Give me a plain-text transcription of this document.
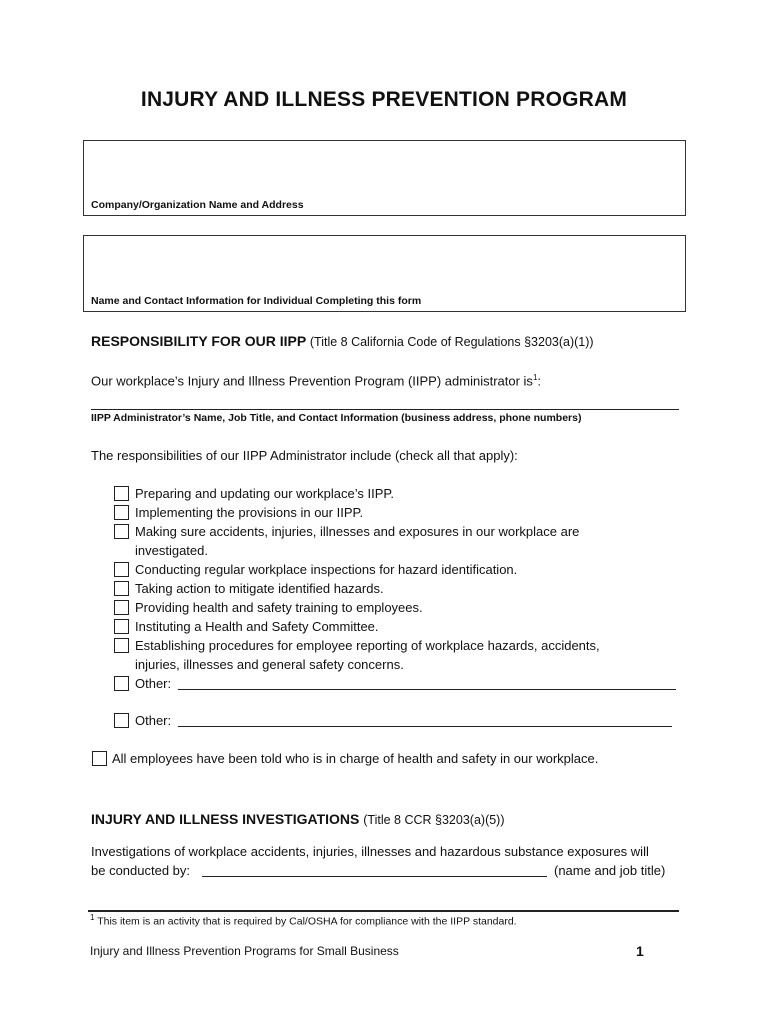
INJURY AND ILLNESS PREVENTION PROGRAM
Company/Organization Name and Address
Name and Contact Information for Individual Completing this form
RESPONSIBILITY FOR OUR IIPP (Title 8 California Code of Regulations §3203(a)(1))
Our workplace’s Injury and Illness Prevention Program (IIPP) administrator $is^1$:
IIPP Administrator’s Name, Job Title, and Contact Information (business address, phone numbers)
The responsibilities of our IIPP Administrator include (check all that apply):
Preparing and updating our workplace’s IIPP.
Implementing the provisions in our IIPP.
Making sure accidents, injuries, illnesses and exposures in our workplace are
investigated.
Conducting regular workplace inspections for hazard identification.
Taking action to mitigate identified hazards.
Providing health and safety training to employees.
Instituting a Health and Safety Committee.
Establishing procedures for employee reporting of workplace hazards, accidents,
injuries, illnesses and general safety concerns.
Other:
Other:
All employees have been told who is in charge of health and safety in our workplace.
INJURY AND ILLNESS INVESTIGATIONS (Title 8 CCR §3203(a)(5))
Investigations of workplace accidents, injuries, illnesses and hazardous substance exposures will
be conducted by:	(name and job title)
$^1$ This item is an activity that is required by Cal/OSHA for compliance with the IIPP standard.
Injury and Illness Prevention Programs for Small Business	1
